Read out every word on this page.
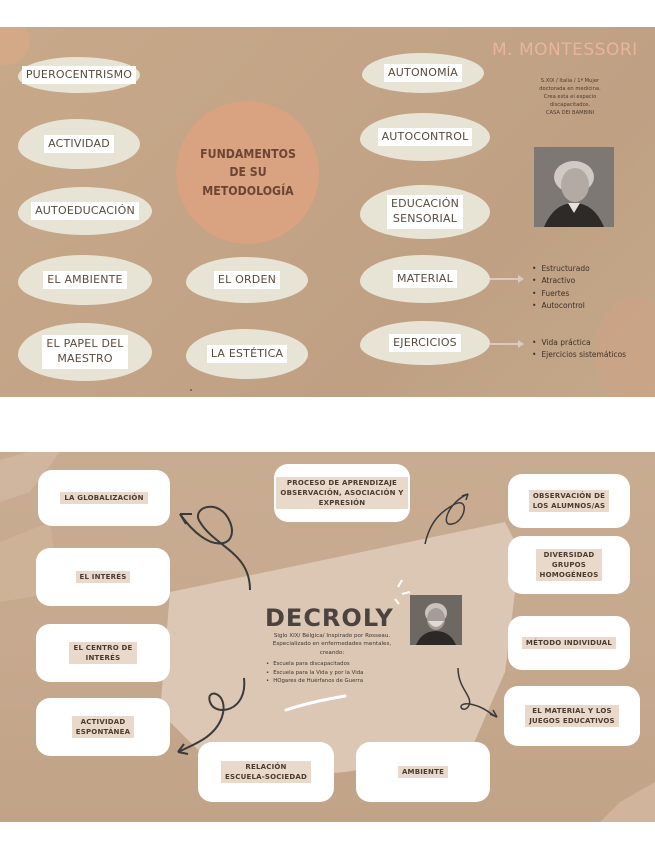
PUEROCENTRISMO
ACTIVIDAD
AUTOEDUCACIÓN
EL AMBIENTE
EL PAPEL DEL
MAESTRO
EL ORDEN
LA ESTÉTICA
FUNDAMENTOS DE SU METODOLOGÍA
AUTONOMÍA
AUTOCONTROL
EDUCACIÓN
SENSORIAL
MATERIAL
EJERCICIOS
M. MONTESSORI
S.XIX / Italia / 1ª Mujer
doctorada en medicina.
Crea esta el espacio
discapacitados.
CASA DEI BAMBINI
• Estructurado
• Atractivo
• Fuertes
• Autocontrol
• Vida práctica
• Ejercicios sistemáticos
LA GLOBALIZACIÓN
EL INTERÉS
EL CENTRO DE
INTERÉS
ACTIVIDAD
ESPONTÁNEA
PROCESO DE APRENDIZAJE
OBSERVACIÓN, ASOCIACIÓN Y
EXPRESIÓN
RELACIÓN
ESCUELA-SOCIEDAD
AMBIENTE
OBSERVACIÓN DE
LOS ALUMNOS/AS
DIVERSIDAD
GRUPOS
HOMOGÉNEOS
MÉTODO INDIVIDUAL
EL MATERIAL Y LOS
JUEGOS EDUCATIVOS
DECROLY
Siglo XIX/ Bélgica/ Inspirado por Rosseau.
Especializado en enfermedades mentales,
creando:
• Escuela para discapacitados
• Escuela para la Vida y por la Vida
• HOgares de Huérfanos de Guerra
